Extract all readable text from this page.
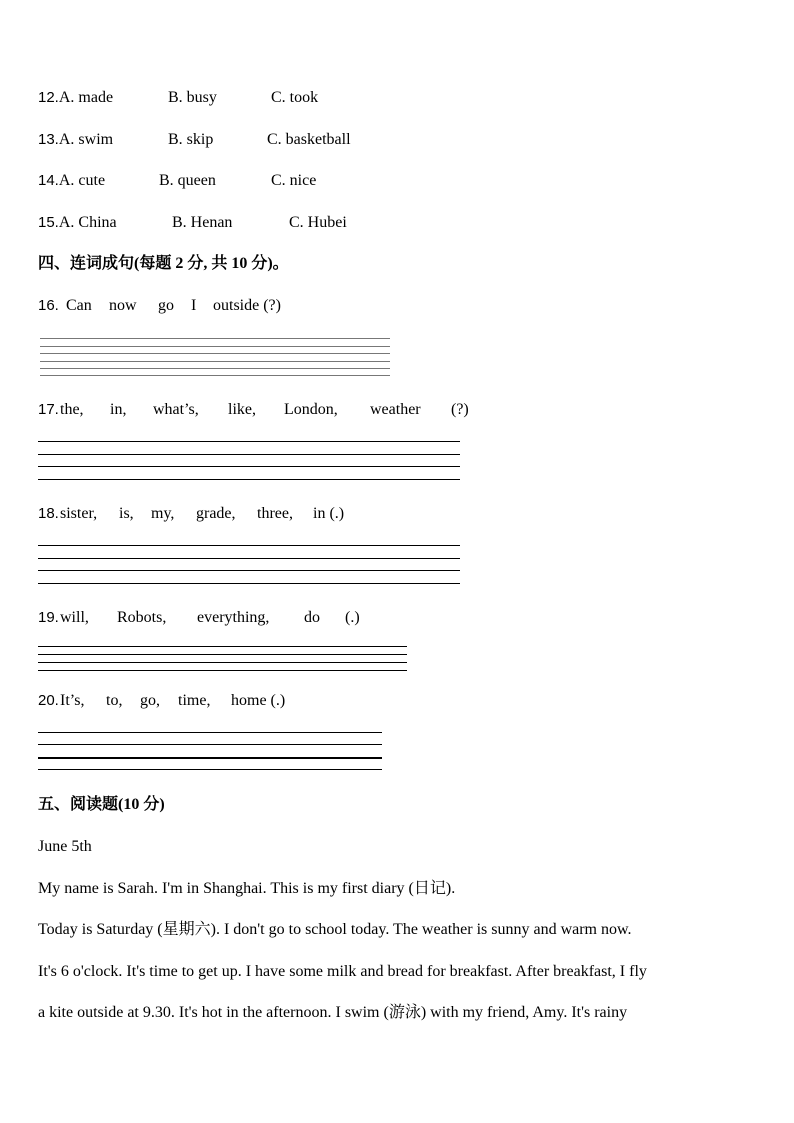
12.A. made	B. busy	C. took
13.A. swim	B. skip	C. basketball
14.A. cute	B. queen	C. nice
15.A. China	B. Henan	C. Hubei
四、连词成句(每题 2 分, 共 10 分)。
16. Can now go I outside (?)
17. the, in, what’s, like, London, weather (?)
18. sister, is, my, grade, three, in (.)
19. will, Robots, everything, do (.)
20. It’s, to, go, time, home (.)
五、阅读题(10 分)
June 5th
My name is Sarah. I'm in Shanghai. This is my first diary (日记).
Today is Saturday (星期六). I don't go to school today. The weather is sunny and warm now.
It's 6 o'clock. It's time to get up. I have some milk and bread for breakfast. After breakfast, I fly
a kite outside at 9.30. It's hot in the afternoon. I swim (游泳) with my friend, Amy. It's rainy
